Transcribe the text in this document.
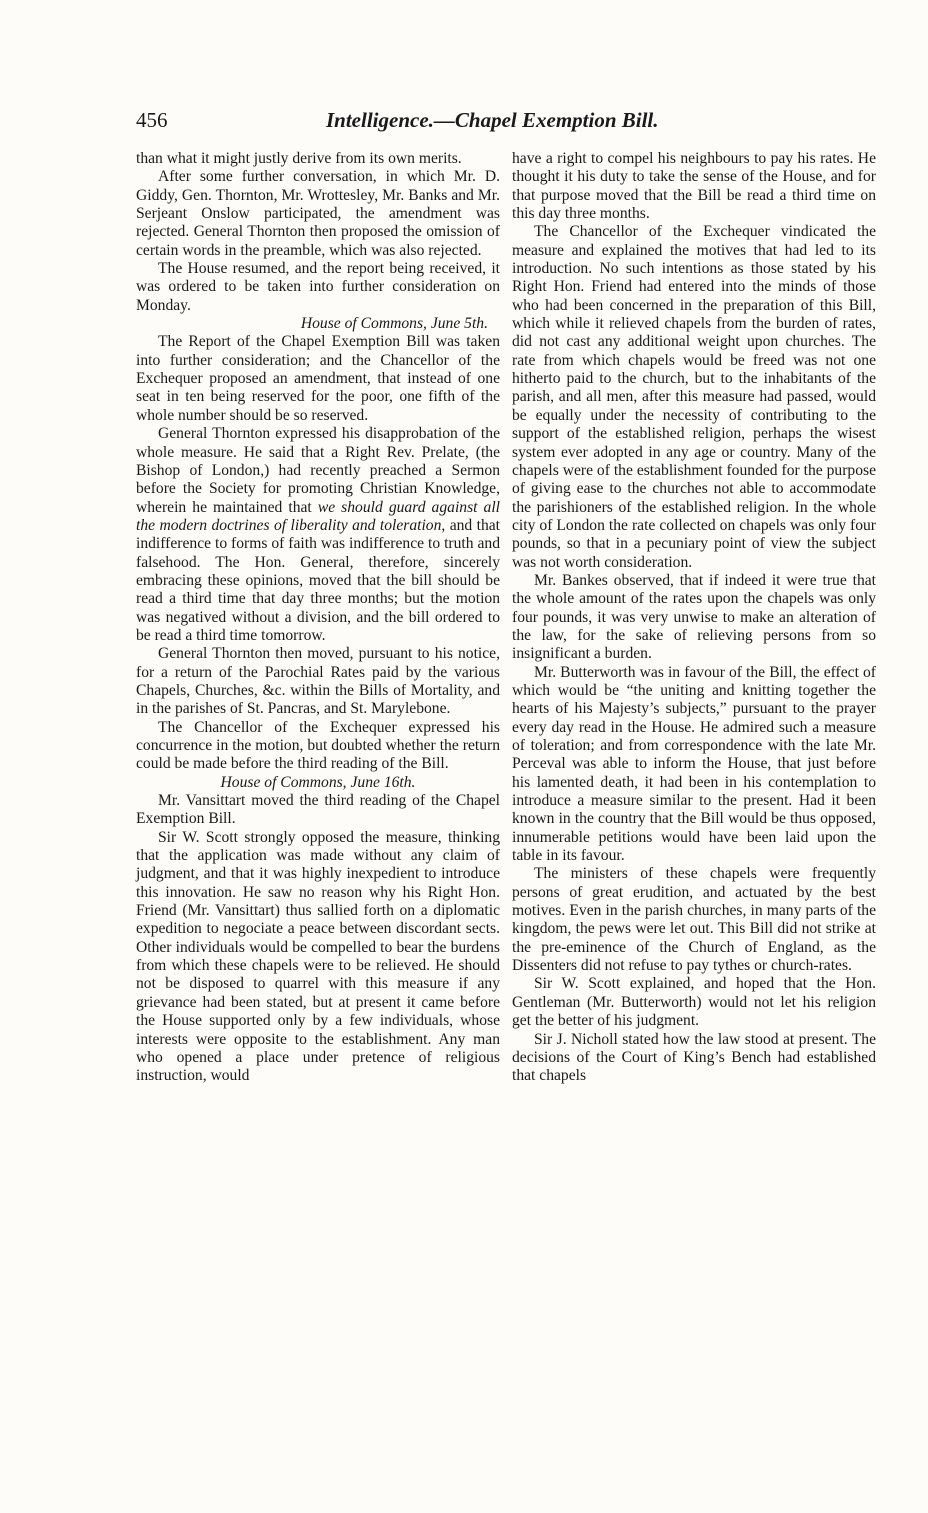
456	Intelligence.—Chapel Exemption Bill.

than what it might justly derive from its own merits.

After some further conversation, in which Mr. D. Giddy, Gen. Thornton, Mr. Wrottesley, Mr. Banks and Mr. Serjeant Onslow participated, the amendment was rejected. General Thornton then proposed the omission of certain words in the preamble, which was also rejected.

The House resumed, and the report being received, it was ordered to be taken into further consideration on Monday.

House of Commons, June 5th.

The Report of the Chapel Exemption Bill was taken into further consideration; and the Chancellor of the Exchequer proposed an amendment, that instead of one seat in ten being reserved for the poor, one fifth of the whole number should be so reserved.

General Thornton expressed his disapprobation of the whole measure. He said that a Right Rev. Prelate, (the Bishop of London,) had recently preached a Sermon before the Society for promoting Christian Knowledge, wherein he maintained that we should guard against all the modern doctrines of liberality and toleration, and that indifference to forms of faith was indifference to truth and falsehood. The Hon. General, therefore, sincerely embracing these opinions, moved that the bill should be read a third time that day three months; but the motion was negatived without a division, and the bill ordered to be read a third time tomorrow.

General Thornton then moved, pursuant to his notice, for a return of the Parochial Rates paid by the various Chapels, Churches, &c. within the Bills of Mortality, and in the parishes of St. Pancras, and St. Marylebone.

The Chancellor of the Exchequer expressed his concurrence in the motion, but doubted whether the return could be made before the third reading of the Bill.

House of Commons, June 16th.

Mr. Vansittart moved the third reading of the Chapel Exemption Bill.

Sir W. Scott strongly opposed the measure, thinking that the application was made without any claim of judgment, and that it was highly inexpedient to introduce this innovation. He saw no reason why his Right Hon. Friend (Mr. Vansittart) thus sallied forth on a diplomatic expedition to negociate a peace between discordant sects. Other individuals would be compelled to bear the burdens from which these chapels were to be relieved. He should not be disposed to quarrel with this measure if any grievance had been stated, but at present it came before the House supported only by a few individuals, whose interests were opposite to the establishment. Any man who opened a place under pretence of religious instruction, would

have a right to compel his neighbours to pay his rates. He thought it his duty to take the sense of the House, and for that purpose moved that the Bill be read a third time on this day three months.

The Chancellor of the Exchequer vindicated the measure and explained the motives that had led to its introduction. No such intentions as those stated by his Right Hon. Friend had entered into the minds of those who had been concerned in the preparation of this Bill, which while it relieved chapels from the burden of rates, did not cast any additional weight upon churches. The rate from which chapels would be freed was not one hitherto paid to the church, but to the inhabitants of the parish, and all men, after this measure had passed, would be equally under the necessity of contributing to the support of the established religion, perhaps the wisest system ever adopted in any age or country. Many of the chapels were of the establishment founded for the purpose of giving ease to the churches not able to accommodate the parishioners of the established religion. In the whole city of London the rate collected on chapels was only four pounds, so that in a pecuniary point of view the subject was not worth consideration.

Mr. Bankes observed, that if indeed it were true that the whole amount of the rates upon the chapels was only four pounds, it was very unwise to make an alteration of the law, for the sake of relieving persons from so insignificant a burden.

Mr. Butterworth was in favour of the Bill, the effect of which would be “the uniting and knitting together the hearts of his Majesty’s subjects,” pursuant to the prayer every day read in the House. He admired such a measure of toleration; and from correspondence with the late Mr. Perceval was able to inform the House, that just before his lamented death, it had been in his contemplation to introduce a measure similar to the present. Had it been known in the country that the Bill would be thus opposed, innumerable petitions would have been laid upon the table in its favour.

The ministers of these chapels were frequently persons of great erudition, and actuated by the best motives. Even in the parish churches, in many parts of the kingdom, the pews were let out. This Bill did not strike at the pre-eminence of the Church of England, as the Dissenters did not refuse to pay tythes or church-rates.

Sir W. Scott explained, and hoped that the Hon. Gentleman (Mr. Butterworth) would not let his religion get the better of his judgment.

Sir J. Nicholl stated how the law stood at present. The decisions of the Court of King’s Bench had established that chapels
